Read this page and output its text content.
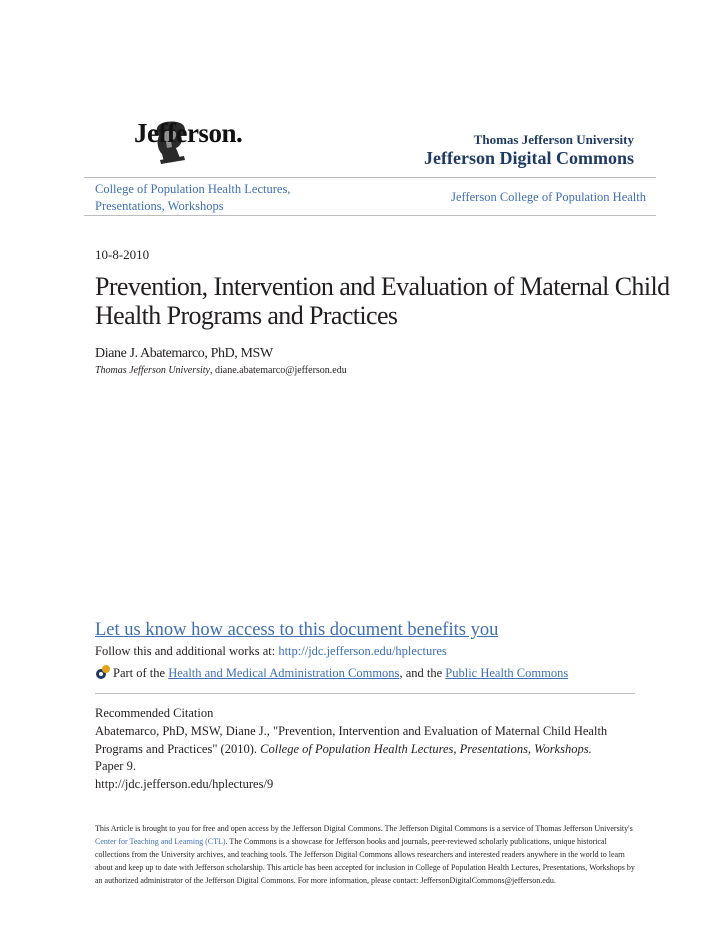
Jefferson.	Thomas Jefferson University
Jefferson Digital Commons
College of Population Health Lectures, Presentations, Workshops
Jefferson College of Population Health
10-8-2010
Prevention, Intervention and Evaluation of Maternal Child Health Programs and Practices
Diane J. Abatemarco, PhD, MSW
Thomas Jefferson University, diane.abatemarco@jefferson.edu
Let us know how access to this document benefits you
Follow this and additional works at: http://jdc.jefferson.edu/hplectures
Part of the Health and Medical Administration Commons, and the Public Health Commons
Recommended Citation
Abatemarco, PhD, MSW, Diane J., "Prevention, Intervention and Evaluation of Maternal Child Health Programs and Practices" (2010). College of Population Health Lectures, Presentations, Workshops. Paper 9.
http://jdc.jefferson.edu/hplectures/9
This Article is brought to you for free and open access by the Jefferson Digital Commons. The Jefferson Digital Commons is a service of Thomas Jefferson University's Center for Teaching and Learning (CTL). The Commons is a showcase for Jefferson books and journals, peer-reviewed scholarly publications, unique historical collections from the University archives, and teaching tools. The Jefferson Digital Commons allows researchers and interested readers anywhere in the world to learn about and keep up to date with Jefferson scholarship. This article has been accepted for inclusion in College of Population Health Lectures, Presentations, Workshops by an authorized administrator of the Jefferson Digital Commons. For more information, please contact: JeffersonDigitalCommons@jefferson.edu.
